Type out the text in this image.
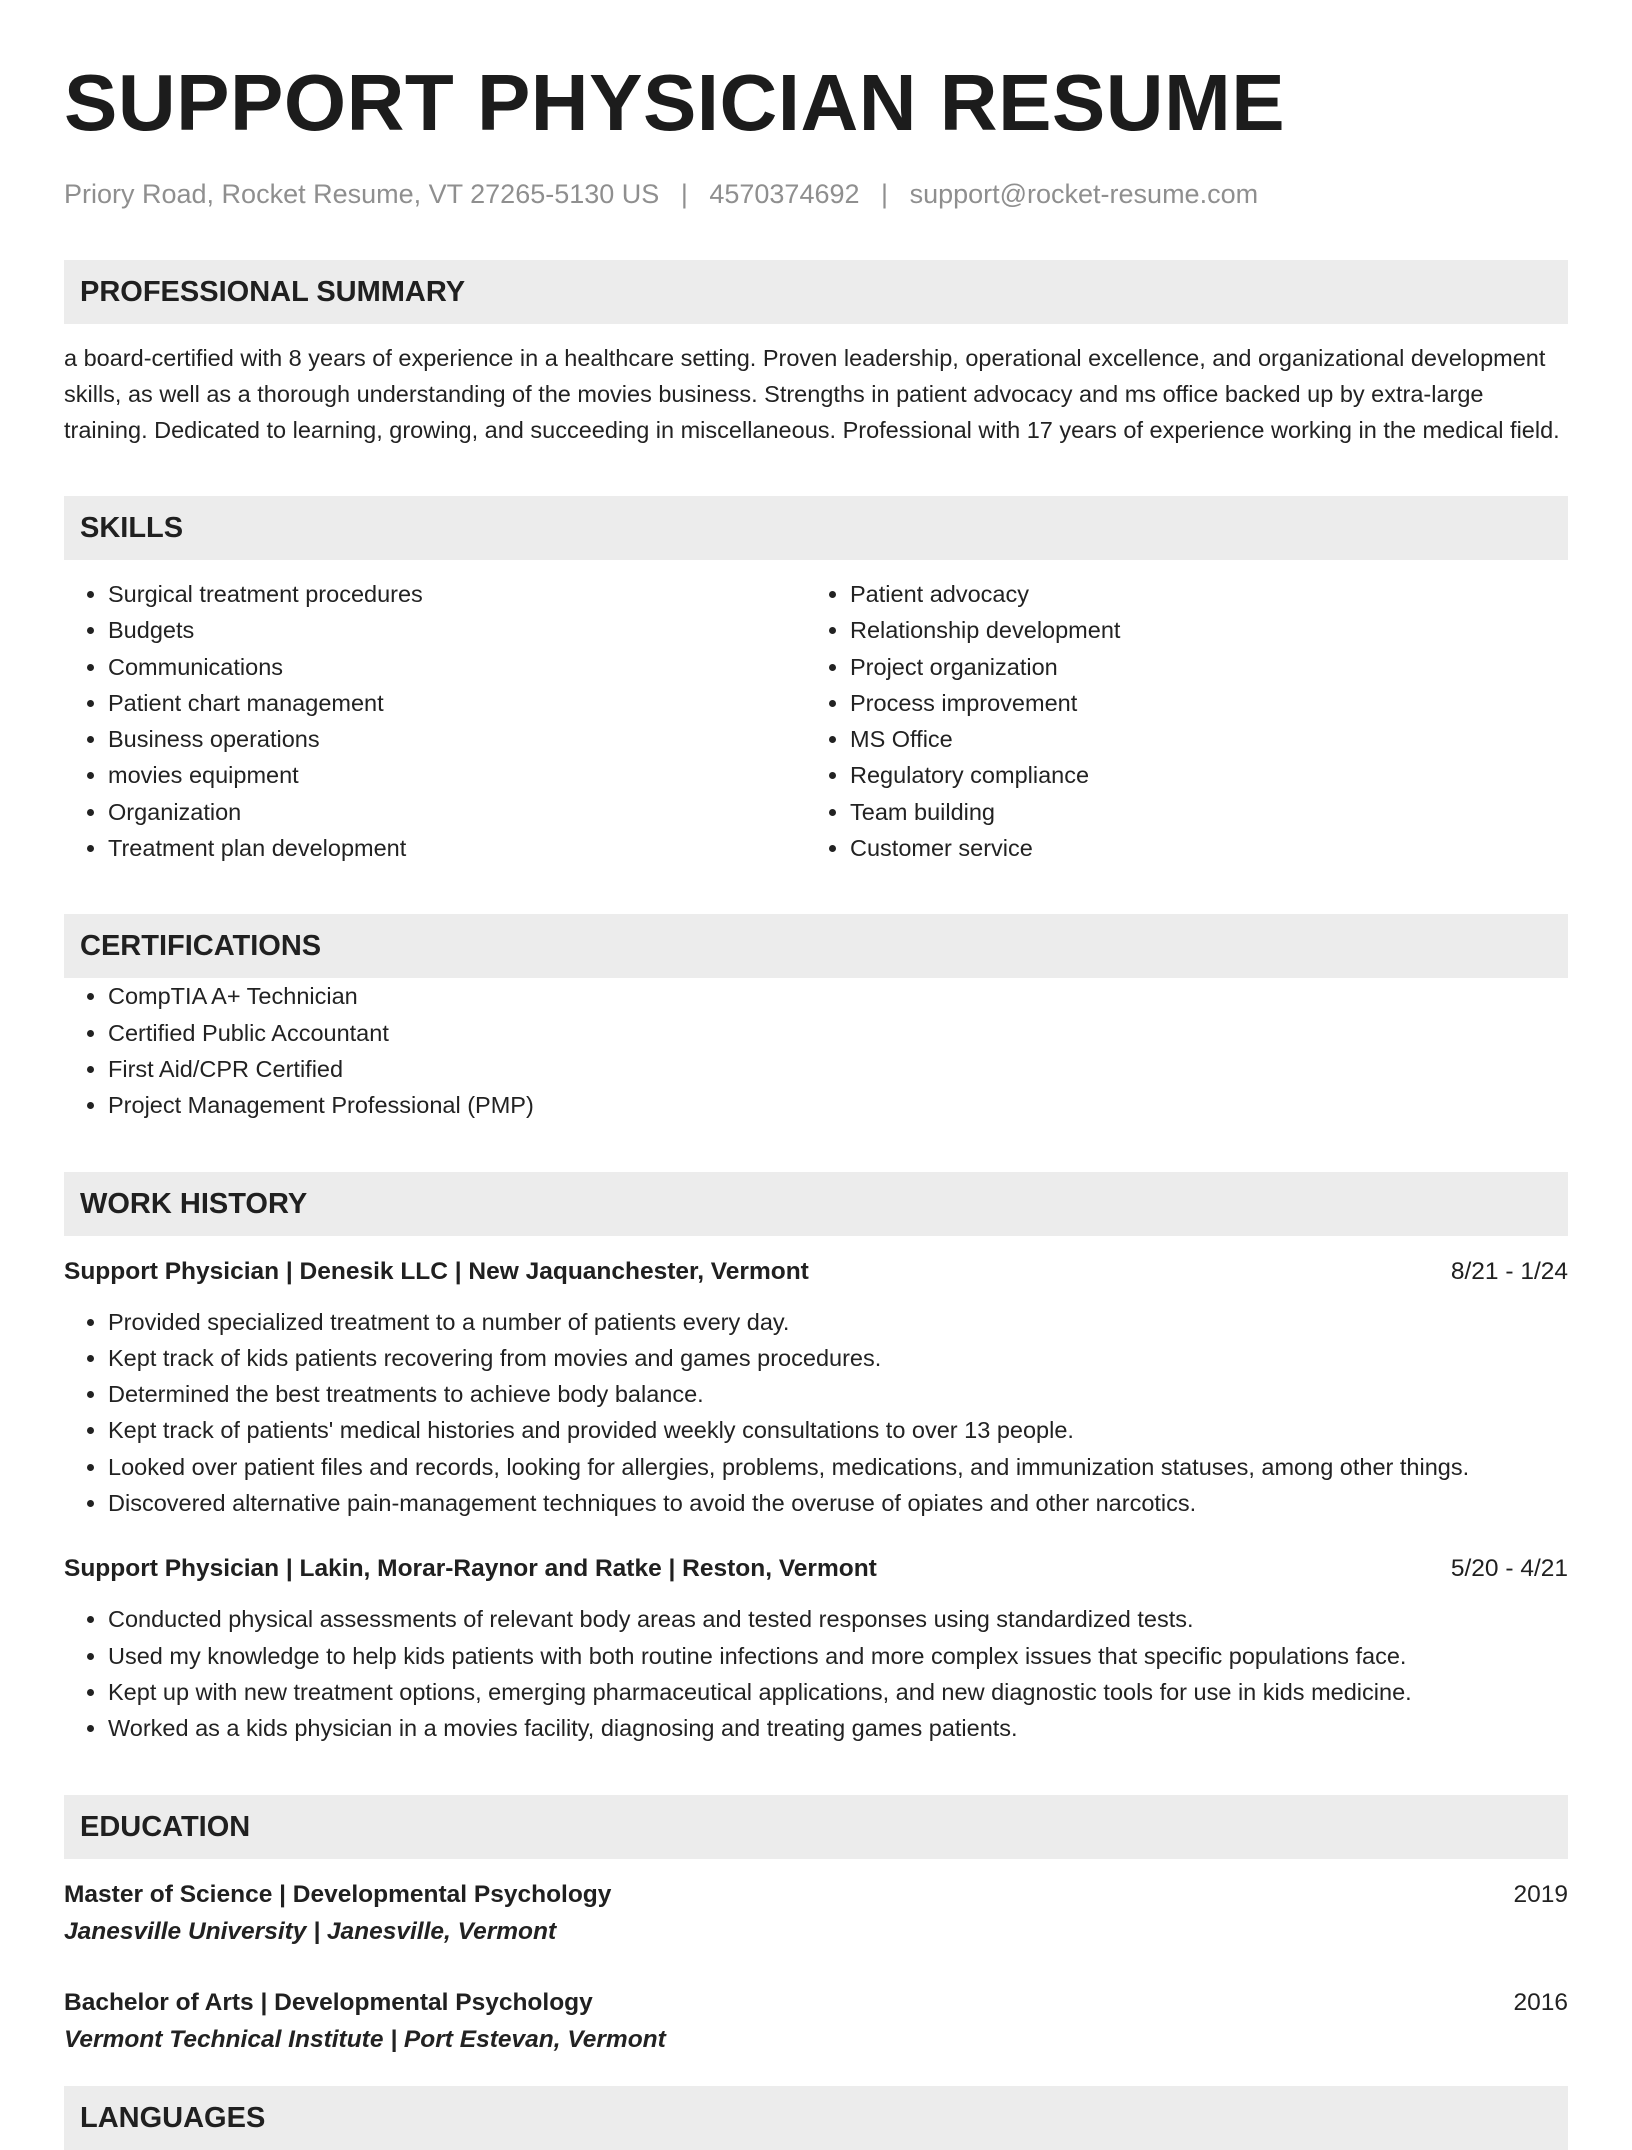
SUPPORT PHYSICIAN RESUME
Priory Road, Rocket Resume, VT 27265-5130 US | 4570374692 | support@rocket-resume.com
PROFESSIONAL SUMMARY
a board-certified with 8 years of experience in a healthcare setting. Proven leadership, operational excellence, and organizational development skills, as well as a thorough understanding of the movies business. Strengths in patient advocacy and ms office backed up by extra-large training. Dedicated to learning, growing, and succeeding in miscellaneous. Professional with 17 years of experience working in the medical field.
SKILLS
• Surgical treatment procedures
• Budgets
• Communications
• Patient chart management
• Business operations
• movies equipment
• Organization
• Treatment plan development
• Patient advocacy
• Relationship development
• Project organization
• Process improvement
• MS Office
• Regulatory compliance
• Team building
• Customer service
CERTIFICATIONS
• CompTIA A+ Technician
• Certified Public Accountant
• First Aid/CPR Certified
• Project Management Professional (PMP)
WORK HISTORY
Support Physician | Denesik LLC | New Jaquanchester, Vermont	8/21 - 1/24
• Provided specialized treatment to a number of patients every day.
• Kept track of kids patients recovering from movies and games procedures.
• Determined the best treatments to achieve body balance.
• Kept track of patients' medical histories and provided weekly consultations to over 13 people.
• Looked over patient files and records, looking for allergies, problems, medications, and immunization statuses, among other things.
• Discovered alternative pain-management techniques to avoid the overuse of opiates and other narcotics.
Support Physician | Lakin, Morar-Raynor and Ratke | Reston, Vermont	5/20 - 4/21
• Conducted physical assessments of relevant body areas and tested responses using standardized tests.
• Used my knowledge to help kids patients with both routine infections and more complex issues that specific populations face.
• Kept up with new treatment options, emerging pharmaceutical applications, and new diagnostic tools for use in kids medicine.
• Worked as a kids physician in a movies facility, diagnosing and treating games patients.
EDUCATION
Master of Science | Developmental Psychology	2019
Janesville University | Janesville, Vermont
Bachelor of Arts | Developmental Psychology	2016
Vermont Technical Institute | Port Estevan, Vermont
LANGUAGES
